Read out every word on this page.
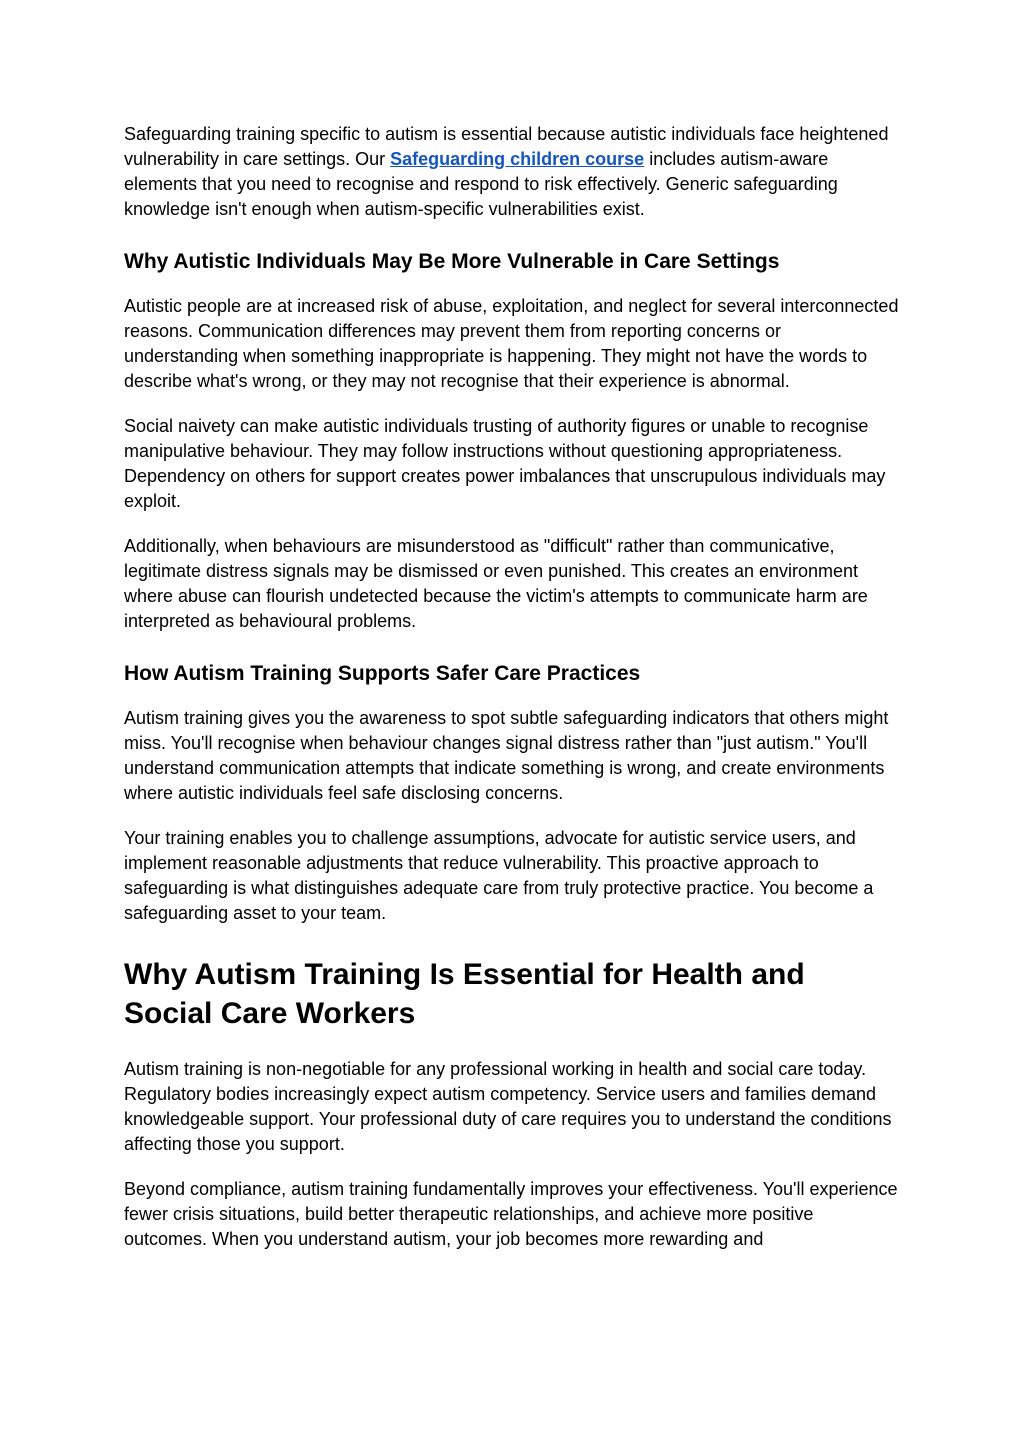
Safeguarding training specific to autism is essential because autistic individuals face heightened vulnerability in care settings. Our Safeguarding children course includes autism-aware elements that you need to recognise and respond to risk effectively. Generic safeguarding knowledge isn't enough when autism-specific vulnerabilities exist.

Why Autistic Individuals May Be More Vulnerable in Care Settings

Autistic people are at increased risk of abuse, exploitation, and neglect for several interconnected reasons. Communication differences may prevent them from reporting concerns or understanding when something inappropriate is happening. They might not have the words to describe what's wrong, or they may not recognise that their experience is abnormal.

Social naivety can make autistic individuals trusting of authority figures or unable to recognise manipulative behaviour. They may follow instructions without questioning appropriateness. Dependency on others for support creates power imbalances that unscrupulous individuals may exploit.

Additionally, when behaviours are misunderstood as "difficult" rather than communicative, legitimate distress signals may be dismissed or even punished. This creates an environment where abuse can flourish undetected because the victim's attempts to communicate harm are interpreted as behavioural problems.

How Autism Training Supports Safer Care Practices

Autism training gives you the awareness to spot subtle safeguarding indicators that others might miss. You'll recognise when behaviour changes signal distress rather than "just autism." You'll understand communication attempts that indicate something is wrong, and create environments where autistic individuals feel safe disclosing concerns.

Your training enables you to challenge assumptions, advocate for autistic service users, and implement reasonable adjustments that reduce vulnerability. This proactive approach to safeguarding is what distinguishes adequate care from truly protective practice. You become a safeguarding asset to your team.

Why Autism Training Is Essential for Health and Social Care Workers

Autism training is non-negotiable for any professional working in health and social care today. Regulatory bodies increasingly expect autism competency. Service users and families demand knowledgeable support. Your professional duty of care requires you to understand the conditions affecting those you support.

Beyond compliance, autism training fundamentally improves your effectiveness. You'll experience fewer crisis situations, build better therapeutic relationships, and achieve more positive outcomes. When you understand autism, your job becomes more rewarding and
